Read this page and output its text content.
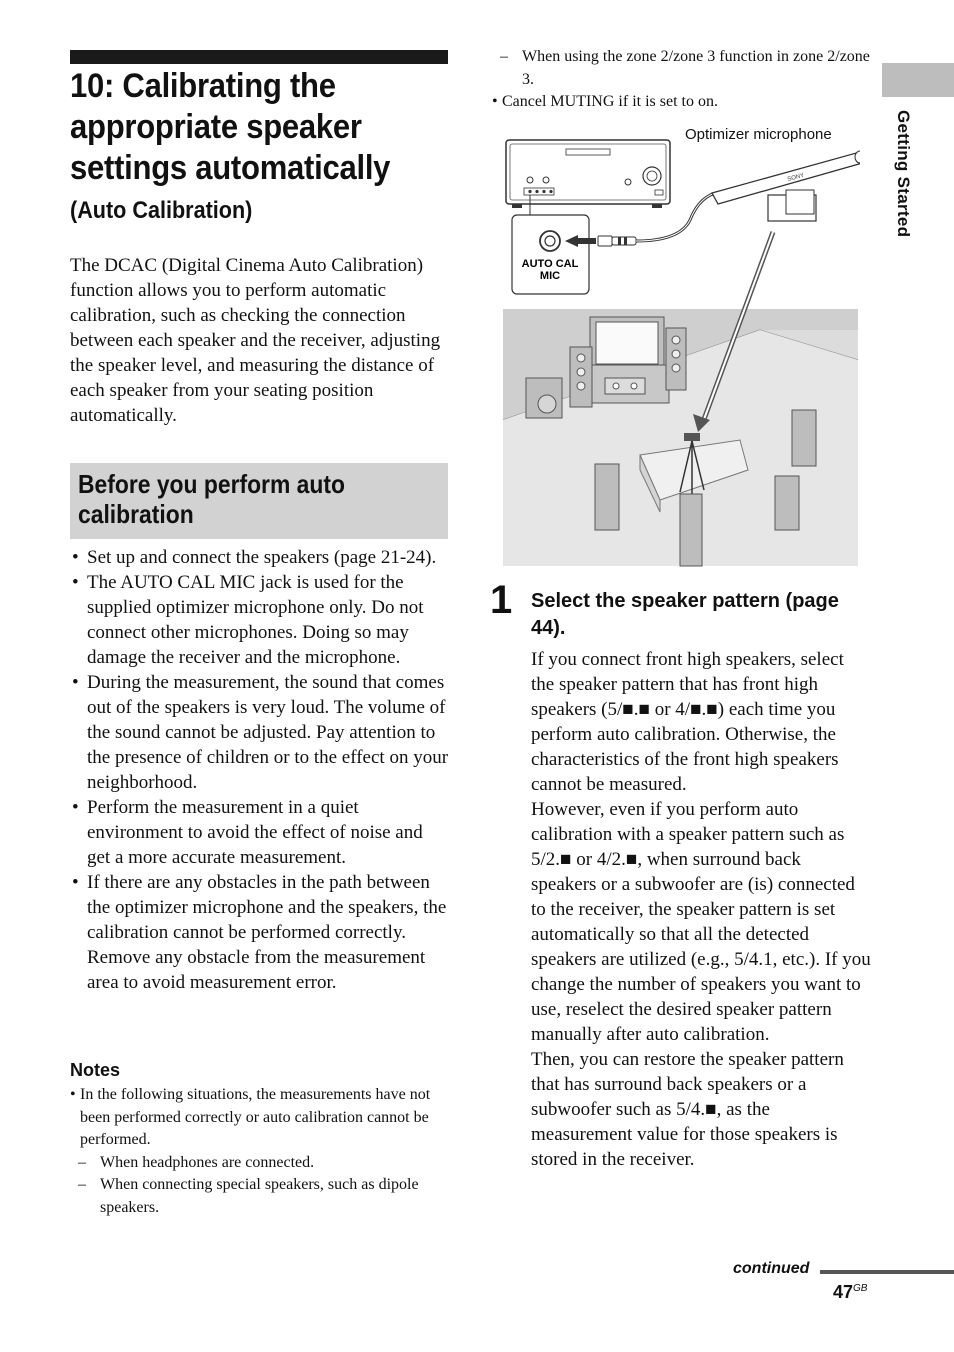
10: Calibrating the appropriate speaker settings automatically
(Auto Calibration)

The DCAC (Digital Cinema Auto Calibration) function allows you to perform automatic calibration, such as checking the connection between each speaker and the receiver, adjusting the speaker level, and measuring the distance of each speaker from your seating position automatically.

Before you perform auto calibration
• Set up and connect the speakers (page 21-24).
• The AUTO CAL MIC jack is used for the supplied optimizer microphone only. Do not connect other microphones. Doing so may damage the receiver and the microphone.
• During the measurement, the sound that comes out of the speakers is very loud. The volume of the sound cannot be adjusted. Pay attention to the presence of children or to the effect on your neighborhood.
• Perform the measurement in a quiet environment to avoid the effect of noise and get a more accurate measurement.
• If there are any obstacles in the path between the optimizer microphone and the speakers, the calibration cannot be performed correctly. Remove any obstacle from the measurement area to avoid measurement error.
Notes
• In the following situations, the measurements have not been performed correctly or auto calibration cannot be performed.
– When headphones are connected.
– When connecting special speakers, such as dipole speakers.
– When using the zone 2/zone 3 function in zone 2/zone 3.
• Cancel MUTING if it is set to on.
Optimizer microphone
AUTO CAL
MIC
SONY
1 Select the speaker pattern (page 44).

If you connect front high speakers, select the speaker pattern that has front high speakers (5/■.■ or 4/■.■) each time you perform auto calibration. Otherwise, the characteristics of the front high speakers cannot be measured.

However, even if you perform auto calibration with a speaker pattern such as 5/2.■ or 4/2.■, when surround back speakers or a subwoofer are (is) connected to the receiver, the speaker pattern is set automatically so that all the detected speakers are utilized (e.g., 5/4.1, etc.). If you change the number of speakers you want to use, reselect the desired speaker pattern manually after auto calibration.

Then, you can restore the speaker pattern that has surround back speakers or a subwoofer such as 5/4.■, as the measurement value for those speakers is stored in the receiver.

Getting Started
continued
$47^{GB}$
